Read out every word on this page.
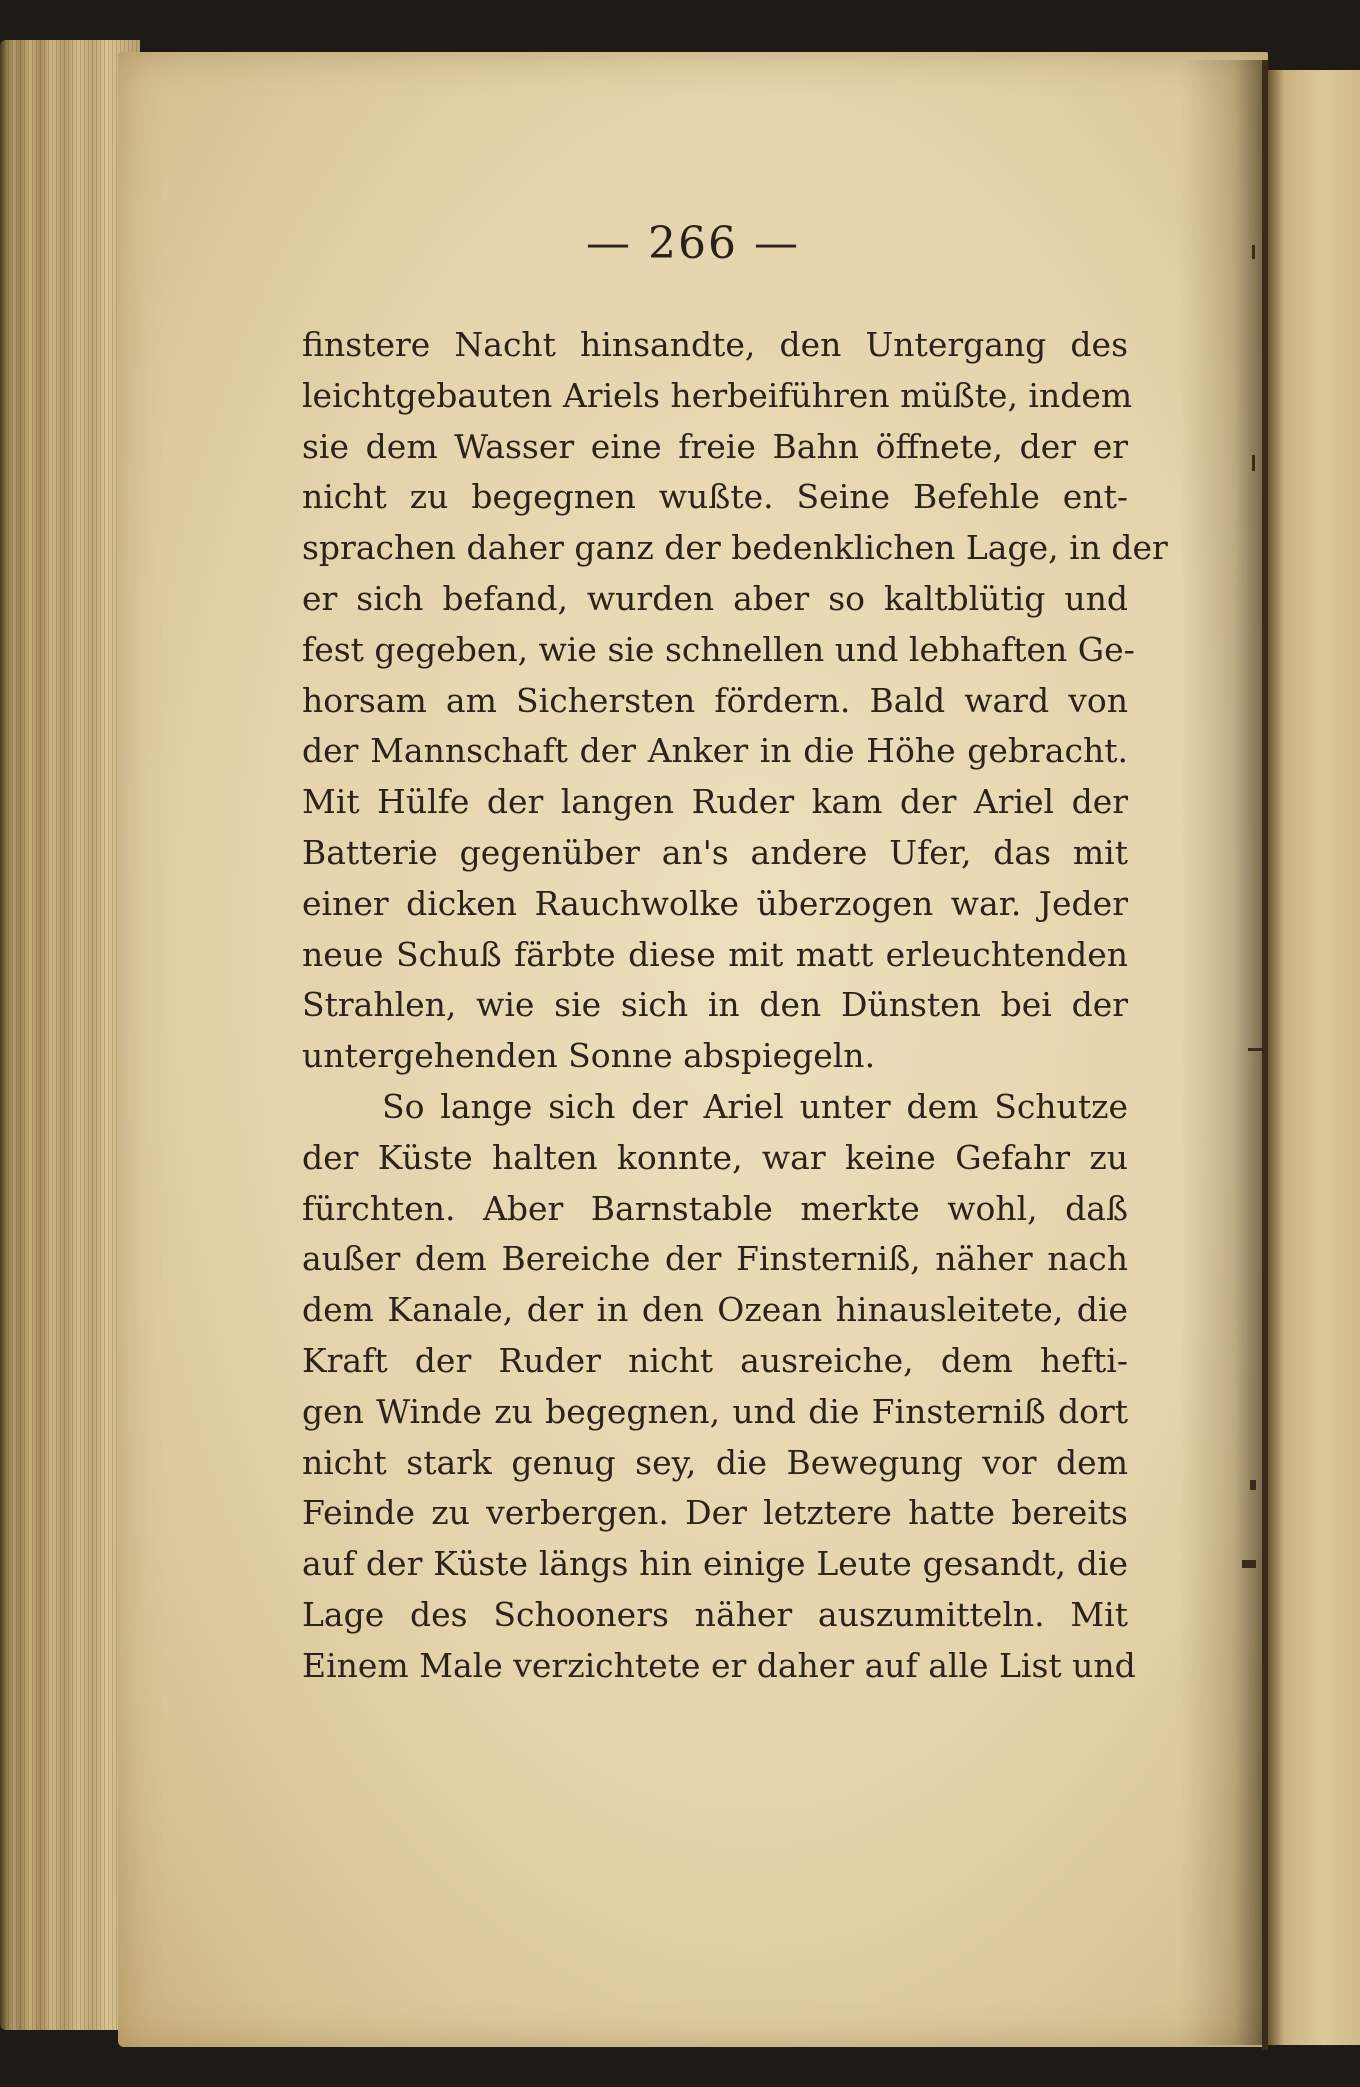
— 266 —
finstere Nacht hinsandte, den Untergang des
leichtgebauten Ariels herbeiführen müßte, indem
sie dem Wasser eine freie Bahn öffnete, der er
nicht zu begegnen wußte. Seine Befehle ent-
sprachen daher ganz der bedenklichen Lage, in der
er sich befand, wurden aber so kaltblütig und
fest gegeben, wie sie schnellen und lebhaften Ge-
horsam am Sichersten fördern. Bald ward von
der Mannschaft der Anker in die Höhe gebracht.
Mit Hülfe der langen Ruder kam der Ariel der
Batterie gegenüber an's andere Ufer, das mit
einer dicken Rauchwolke überzogen war. Jeder
neue Schuß färbte diese mit matt erleuchtenden
Strahlen, wie sie sich in den Dünsten bei der
untergehenden Sonne abspiegeln.
So lange sich der Ariel unter dem Schutze
der Küste halten konnte, war keine Gefahr zu
fürchten. Aber Barnstable merkte wohl, daß
außer dem Bereiche der Finsterniß, näher nach
dem Kanale, der in den Ozean hinausleitete, die
Kraft der Ruder nicht ausreiche, dem hefti-
gen Winde zu begegnen, und die Finsterniß dort
nicht stark genug sey, die Bewegung vor dem
Feinde zu verbergen. Der letztere hatte bereits
auf der Küste längs hin einige Leute gesandt, die
Lage des Schooners näher auszumitteln. Mit
Einem Male verzichtete er daher auf alle List und
